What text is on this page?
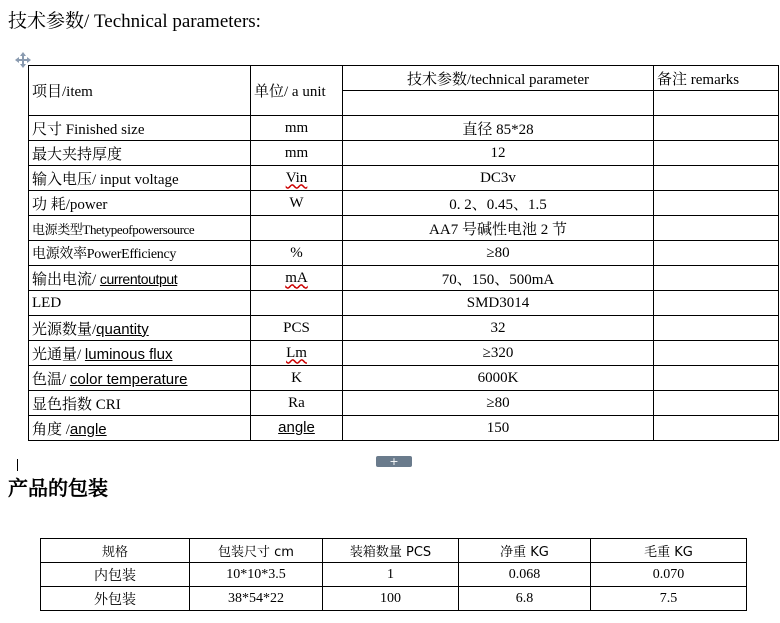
技术参数/ Technical parameters:
项目/item	单位/ a unit	技术参数/technical parameter	备注 remarks

尺寸 Finished size	mm	直径 85*28	
最大夹持厚度	mm	12	
输入电压/ input voltage	Vin	DC3v	
功 耗/power	W	0. 2、0.45、1.5	
电源类型Thetypeofpowersource		AA7 号碱性电池 2 节	
电源效率PowerEfficiency	%	≥80	
输出电流/ currentoutput	mA	70、150、500mA	
LED		SMD3014	
光源数量/quantity	PCS	32	
光通量/ luminous flux	Lm	≥320	
色温/ color temperature	K	6000K	
显色指数 CRI	Ra	≥80	
角度 /angle	angle	150	
+
产品的包装
规格	包装尺寸 cm	装箱数量 PCS	净重 KG	毛重 KG
内包装	10*10*3.5	1	0.068	0.070
外包装	38*54*22	100	6.8	7.5
